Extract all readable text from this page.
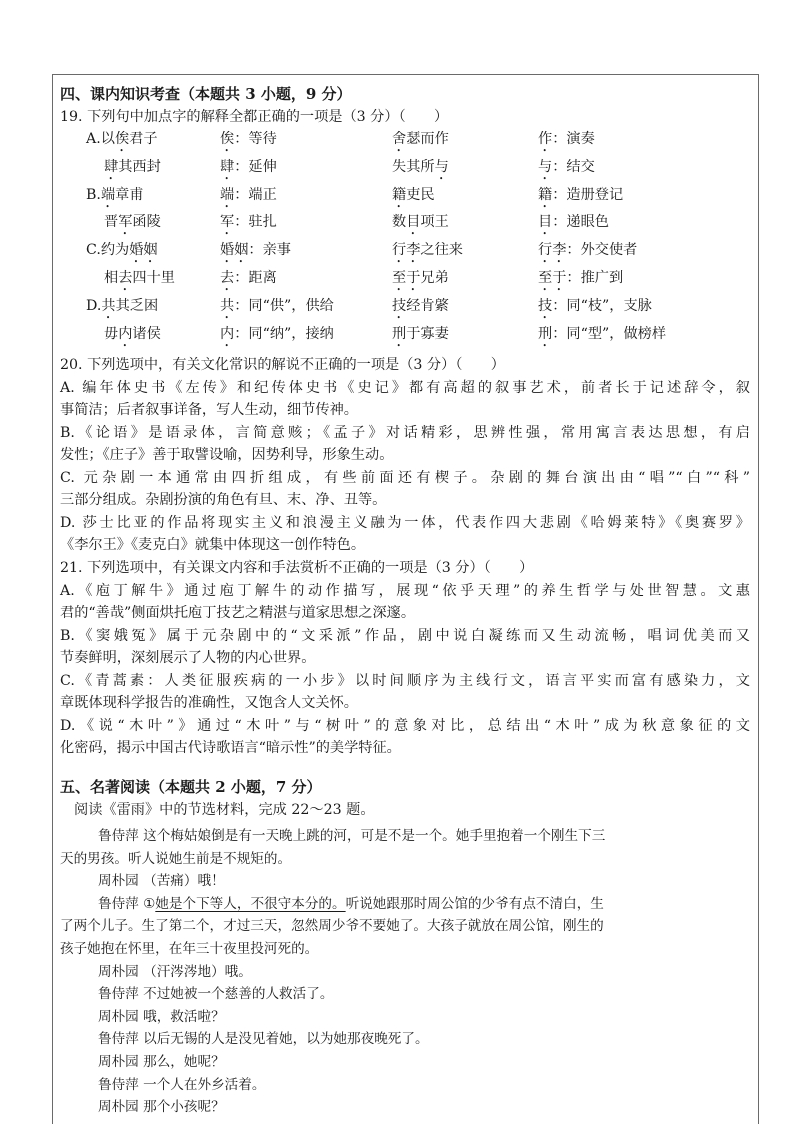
四、课内知识考查（本题共 3 小题，9 分）
19. 下列句中加点字的解释全都正确的一项是（3 分）（　　）
A.以俟君子	俟：等待	舍瑟而作	作：演奏
肆其西封	肆：延伸	失其所与	与：结交
B.端章甫	端：端正	籍吏民	籍：造册登记
晋军函陵	军：驻扎	数目项王	目：递眼色
C.约为婚姻	婚姻：亲事	行李之往来	行李：外交使者
相去四十里	去：距离	至于兄弟	至于：推广到
D.共其乏困	共：同“供”，供给	技经肯綮	技：同“枝”，支脉
毋内诸侯	内：同“纳”，接纳	刑于寡妻	刑：同“型”，做榜样
20. 下列选项中，有关文化常识的解说不正确的一项是（3 分）（　　）
A. 编年体史书《左传》和纪传体史书《史记》都有高超的叙事艺术，前者长于记述辞令，叙
事简洁；后者叙事详备，写人生动，细节传神。
B.《论语》是语录体，言简意赅；《孟子》对话精彩，思辨性强，常用寓言表达思想，有启
发性；《庄子》善于取譬设喻，因势利导，形象生动。
C. 元杂剧一本通常由四折组成，有些前面还有楔子。杂剧的舞台演出由“唱”“白”“科”
三部分组成。杂剧扮演的角色有旦、末、净、丑等。
D. 莎士比亚的作品将现实主义和浪漫主义融为一体，代表作四大悲剧《哈姆莱特》《奥赛罗》
《李尔王》《麦克白》就集中体现这一创作特色。
21. 下列选项中，有关课文内容和手法赏析不正确的一项是（3 分）（　　）
A.《庖丁解牛》通过庖丁解牛的动作描写，展现“依乎天理”的养生哲学与处世智慧。文惠
君的“善哉”侧面烘托庖丁技艺之精湛与道家思想之深邃。
B.《窦娥冤》属于元杂剧中的“文采派”作品，剧中说白凝练而又生动流畅，唱词优美而又
节奏鲜明，深刻展示了人物的内心世界。
C.《青蒿素：人类征服疾病的一小步》以时间顺序为主线行文，语言平实而富有感染力，文
章既体现科学报告的准确性，又饱含人文关怀。
D.《说“木叶”》通过“木叶”与“树叶”的意象对比，总结出“木叶”成为秋意象征的文
化密码，揭示中国古代诗歌语言“暗示性”的美学特征。
五、名著阅读（本题共 2 小题，7 分）
阅读《雷雨》中的节选材料，完成 22～23 题。
鲁侍萍 这个梅姑娘倒是有一天晚上跳的河，可是不是一个。她手里抱着一个刚生下三
天的男孩。听人说她生前是不规矩的。
周朴园 （苦痛）哦！
鲁侍萍 ①她是个下等人，不很守本分的。听说她跟那时周公馆的少爷有点不清白，生
了两个儿子。生了第二个，才过三天，忽然周少爷不要她了。大孩子就放在周公馆，刚生的
孩子她抱在怀里，在年三十夜里投河死的。
周朴园 （汗涔涔地）哦。
鲁侍萍 不过她被一个慈善的人救活了。
周朴园 哦，救活啦？
鲁侍萍 以后无锡的人是没见着她，以为她那夜晚死了。
周朴园 那么，她呢？
鲁侍萍 一个人在外乡活着。
周朴园 那个小孩呢？
